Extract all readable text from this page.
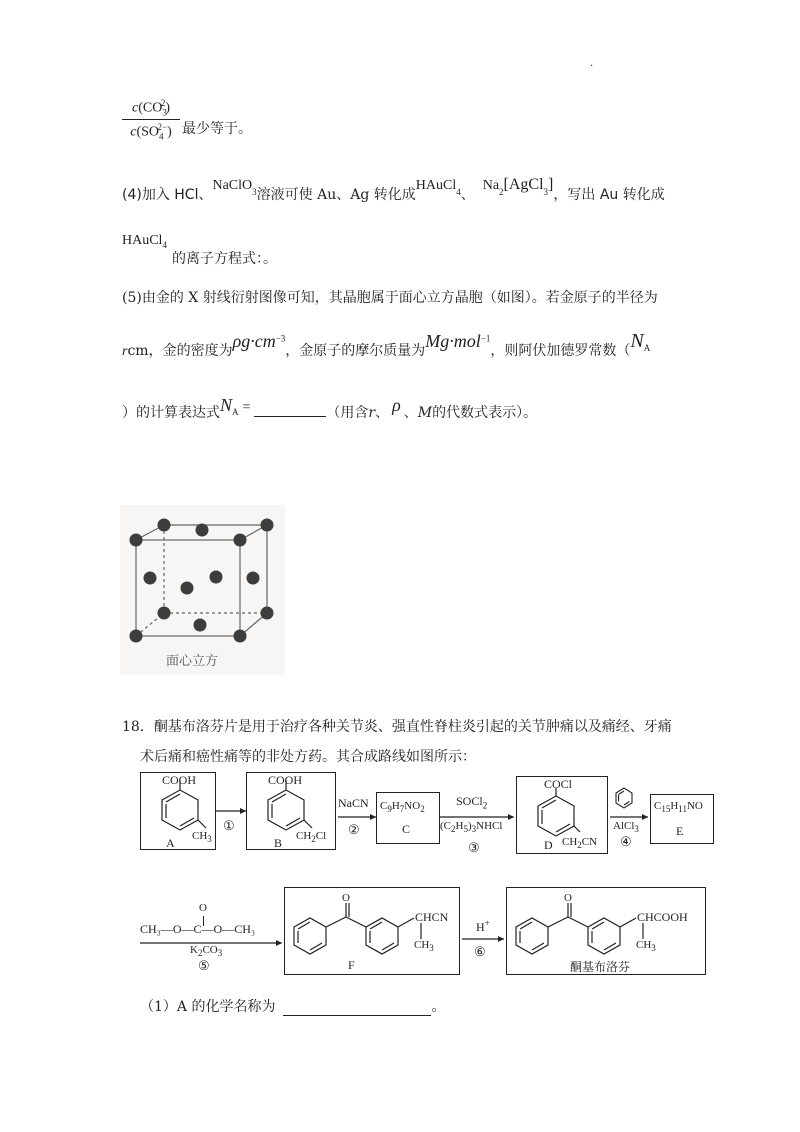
.
$c(CO_3^2)$
$c(SO_4^{2-})$ 最少等于。
(4)加入 HCl、NaClO$_3$溶液可使 Au、Ag 转化成HAuCl$_4$、$Na_2[AgCl_3]$，写出 Au 转化成
HAuCl$_4$
的离子方程式：。
(5)由金的 X 射线衍射图像可知，其晶胞属于面心立方晶胞（如图）。若金原子的半径为
rcm，金的密度为$\rho g\cdot cm^{-3}$，金原子的摩尔质量为Mg·mol$^{-1}$，则阿伏加德罗常数（$N_A$
）的计算表达式$N_A$ =	（用含r、 ρ 、M的代数式表示）。
面心立方
18．酮基布洛芬片是用于治疗各种关节炎、强直性脊柱炎引起的关节肿痛以及痛经、牙痛
术后痛和癌性痛等的非处方药。其合成路线如图所示：
COOH
$CH_3$
A
①
COOH
$CH_2Cl$
B
NaCN
②
$C_9H_7NO_2$
C
SOCl$_2$
$(C_2H_5)_3NHCl$
③
COCl
$CH_2CN$
D
AlCl$_3$
④
$C_{15}H_{11}NO$
E
O
CH₃—O—C—O—CH₃
$K_2CO_3$
⑤
O
CHCN
$CH_3$
F
H+
⑥
O
CHCOOH
$CH_3$
酮基布洛芬
（1）A 的化学名称为	。
